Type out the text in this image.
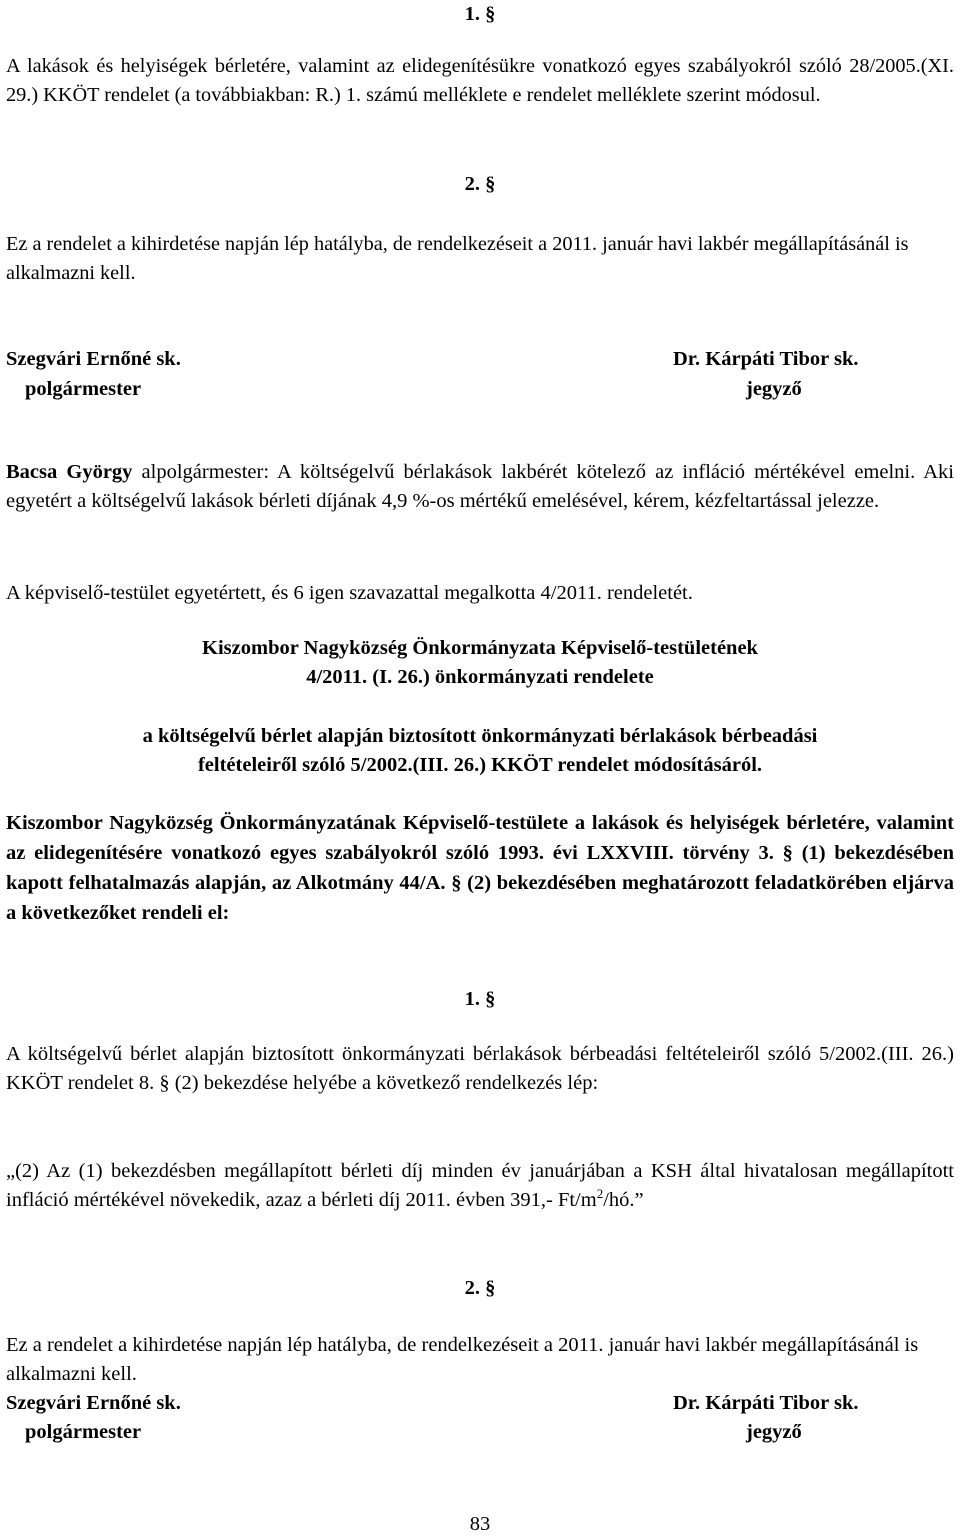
1. §
A lakások és helyiségek bérletére, valamint az elidegenítésükre vonatkozó egyes szabályokról szóló 28/2005.(XI. 29.) KKÖT rendelet (a továbbiakban: R.) 1. számú melléklete e rendelet melléklete szerint módosul.
2. §
Ez a rendelet a kihirdetése napján lép hatályba, de rendelkezéseit a 2011. január havi lakbér megállapításánál is alkalmazni kell.
Szegvári Ernőné sk.
polgármester
Dr. Kárpáti Tibor sk.
jegyző
Bacsa György alpolgármester: A költségelvű bérlakások lakbérét kötelező az infláció mértékével emelni. Aki egyetért a költségelvű lakások bérleti díjának 4,9 %-os mértékű emelésével, kérem, kézfeltartással jelezze.
A képviselő-testület egyetértett, és 6 igen szavazattal megalkotta 4/2011. rendeletét.
Kiszombor Nagyközség Önkormányzata Képviselő-testületének
4/2011. (I. 26.) önkormányzati rendelete
a költségelvű bérlet alapján biztosított önkormányzati bérlakások bérbeadási
feltételeiről szóló 5/2002.(III. 26.) KKÖT rendelet módosításáról.
Kiszombor Nagyközség Önkormányzatának Képviselő-testülete a lakások és helyiségek bérletére, valamint az elidegenítésére vonatkozó egyes szabályokról szóló 1993. évi LXXVIII. törvény 3. § (1) bekezdésében kapott felhatalmazás alapján, az Alkotmány 44/A. § (2) bekezdésében meghatározott feladatkörében eljárva a következőket rendeli el:
1. §
A költségelvű bérlet alapján biztosított önkormányzati bérlakások bérbeadási feltételeiről szóló 5/2002.(III. 26.) KKÖT rendelet 8. § (2) bekezdése helyébe a következő rendelkezés lép:
„(2) Az (1) bekezdésben megállapított bérleti díj minden év januárjában a KSH által hivatalosan megállapított infláció mértékével növekedik, azaz a bérleti díj 2011. évben 391,- $Ft/m^2/hó$.”
2. §
Ez a rendelet a kihirdetése napján lép hatályba, de rendelkezéseit a 2011. január havi lakbér megállapításánál is alkalmazni kell.
Szegvári Ernőné sk.
polgármester
Dr. Kárpáti Tibor sk.
jegyző
83
